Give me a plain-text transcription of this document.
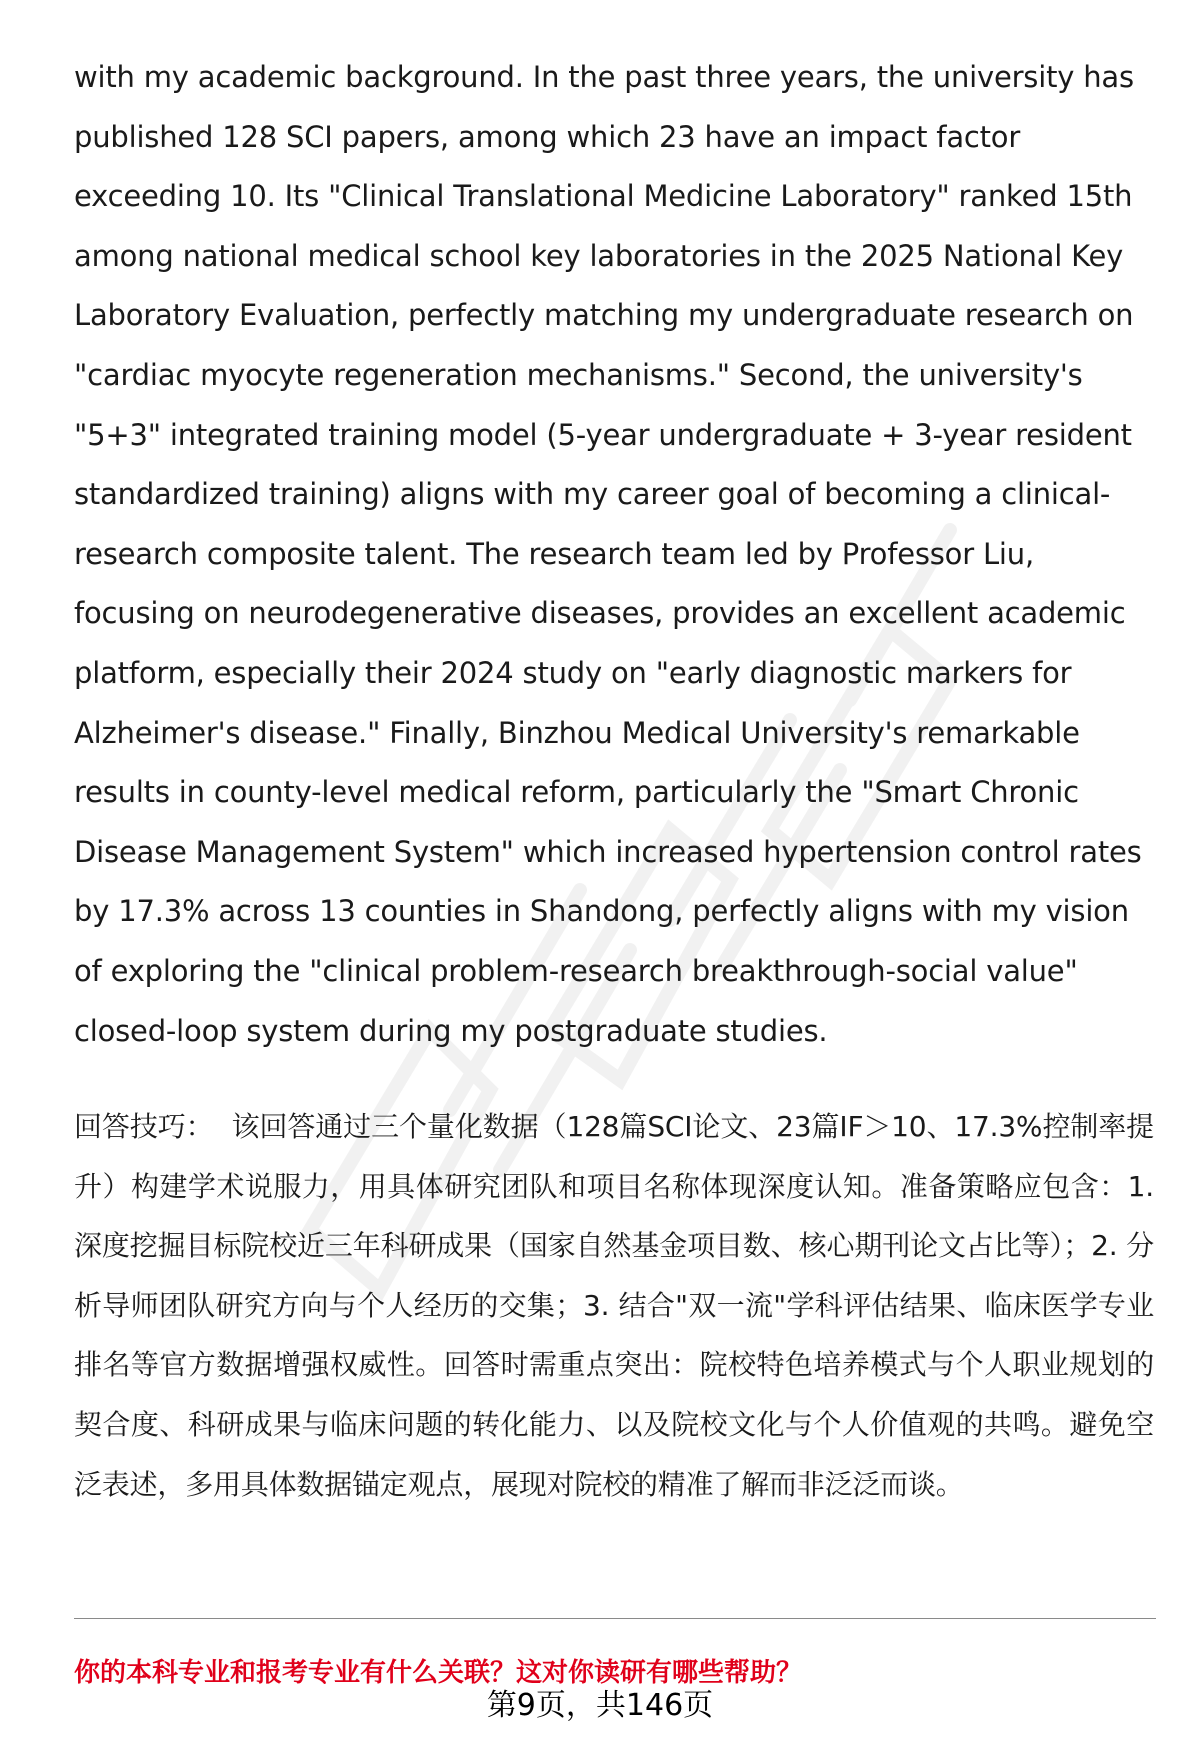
with my academic background. In the past three years, the university has published 128 SCI papers, among which 23 have an impact factor exceeding 10. Its "Clinical Translational Medicine Laboratory" ranked 15th among national medical school key laboratories in the 2025 National Key Laboratory Evaluation, perfectly matching my undergraduate research on "cardiac myocyte regeneration mechanisms." Second, the university's "5+3" integrated training model (5-year undergraduate + 3-year resident standardized training) aligns with my career goal of becoming a clinical-research composite talent. The research team led by Professor Liu, focusing on neurodegenerative diseases, provides an excellent academic platform, especially their 2024 study on "early diagnostic markers for Alzheimer's disease." Finally, Binzhou Medical University's remarkable results in county-level medical reform, particularly the "Smart Chronic Disease Management System" which increased hypertension control rates by 17.3% across 13 counties in Shandong, perfectly aligns with my vision of exploring the "clinical problem-research breakthrough-social value" closed-loop system during my postgraduate studies.

回答技巧： 该回答通过三个量化数据（128篇SCI论文、23篇IF＞10、17.3%控制率提升）构建学术说服力，用具体研究团队和项目名称体现深度认知。准备策略应包含：1. 深度挖掘目标院校近三年科研成果（国家自然基金项目数、核心期刊论文占比等）；2. 分析导师团队研究方向与个人经历的交集；3. 结合"双一流"学科评估结果、临床医学专业排名等官方数据增强权威性。回答时需重点突出：院校特色培养模式与个人职业规划的契合度、科研成果与临床问题的转化能力、以及院校文化与个人价值观的共鸣。避免空泛表述，多用具体数据锚定观点，展现对院校的精准了解而非泛泛而谈。

你的本科专业和报考专业有什么关联？这对你读研有哪些帮助？
第9页，共146页
